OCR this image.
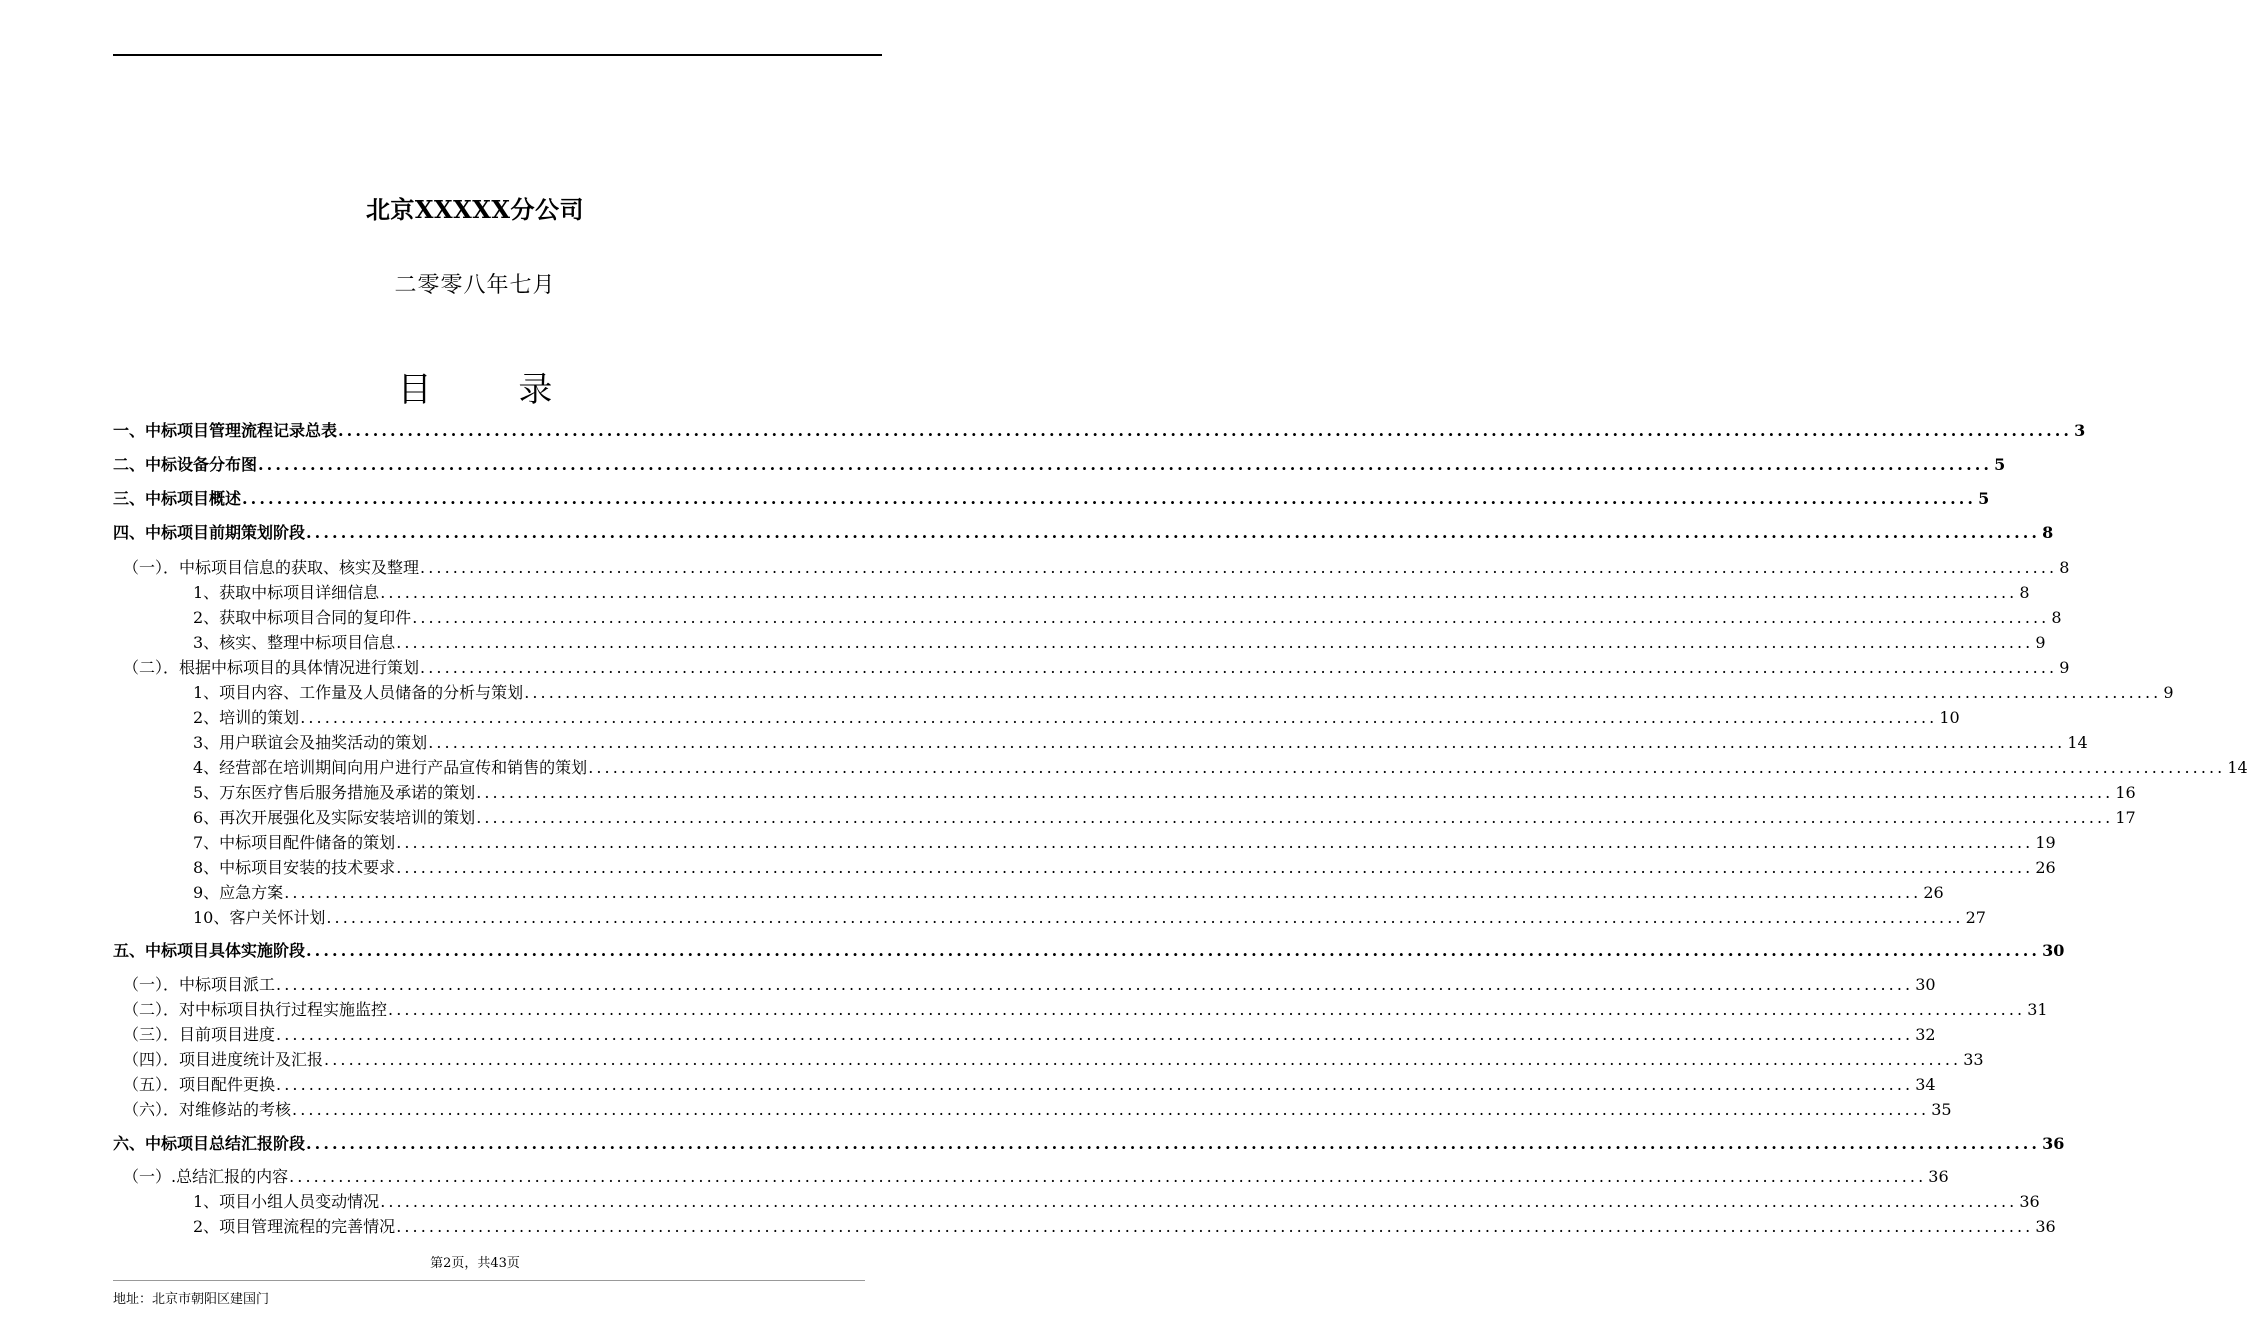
北京XXXXX分公司
二零零八年七月
目 录
一、中标项目管理流程记录总表 ........................................................................................................................................................................................................ 3
二、中标设备分布图 ........................................................................................................................................................................................................ 5
三、中标项目概述 ........................................................................................................................................................................................................ 5
四、中标项目前期策划阶段 ........................................................................................................................................................................................................ 8
（一）．中标项目信息的获取、核实及整理 ........................................................................................................................................................................................................ 8
1、获取中标项目详细信息 ........................................................................................................................................................................................................ 8
2、获取中标项目合同的复印件 ........................................................................................................................................................................................................ 8
3、核实、整理中标项目信息 ........................................................................................................................................................................................................ 9
（二）．根据中标项目的具体情况进行策划 ........................................................................................................................................................................................................ 9
1、项目内容、工作量及人员储备的分析与策划 ........................................................................................................................................................................................................ 9
2、培训的策划 ........................................................................................................................................................................................................ 10
3、用户联谊会及抽奖活动的策划 ........................................................................................................................................................................................................ 14
4、经营部在培训期间向用户进行产品宣传和销售的策划 ........................................................................................................................................................................................................ 14
5、万东医疗售后服务措施及承诺的策划 ........................................................................................................................................................................................................ 16
6、再次开展强化及实际安装培训的策划 ........................................................................................................................................................................................................ 17
7、中标项目配件储备的策划 ........................................................................................................................................................................................................ 19
8、中标项目安装的技术要求 ........................................................................................................................................................................................................ 26
9、应急方案 ........................................................................................................................................................................................................ 26
10、客户关怀计划 ........................................................................................................................................................................................................ 27
五、中标项目具体实施阶段 ........................................................................................................................................................................................................ 30
（一）．中标项目派工 ........................................................................................................................................................................................................ 30
（二）．对中标项目执行过程实施监控 ........................................................................................................................................................................................................ 31
（三）．目前项目进度 ........................................................................................................................................................................................................ 32
（四）．项目进度统计及汇报 ........................................................................................................................................................................................................ 33
（五）．项目配件更换 ........................................................................................................................................................................................................ 34
（六）．对维修站的考核 ........................................................................................................................................................................................................ 35
六、中标项目总结汇报阶段 ........................................................................................................................................................................................................ 36
（一）.总结汇报的内容 ........................................................................................................................................................................................................ 36
1、项目小组人员变动情况 ........................................................................................................................................................................................................ 36
2、项目管理流程的完善情况 ........................................................................................................................................................................................................ 36
第2页，共43页
地址：北京市朝阳区建国门
